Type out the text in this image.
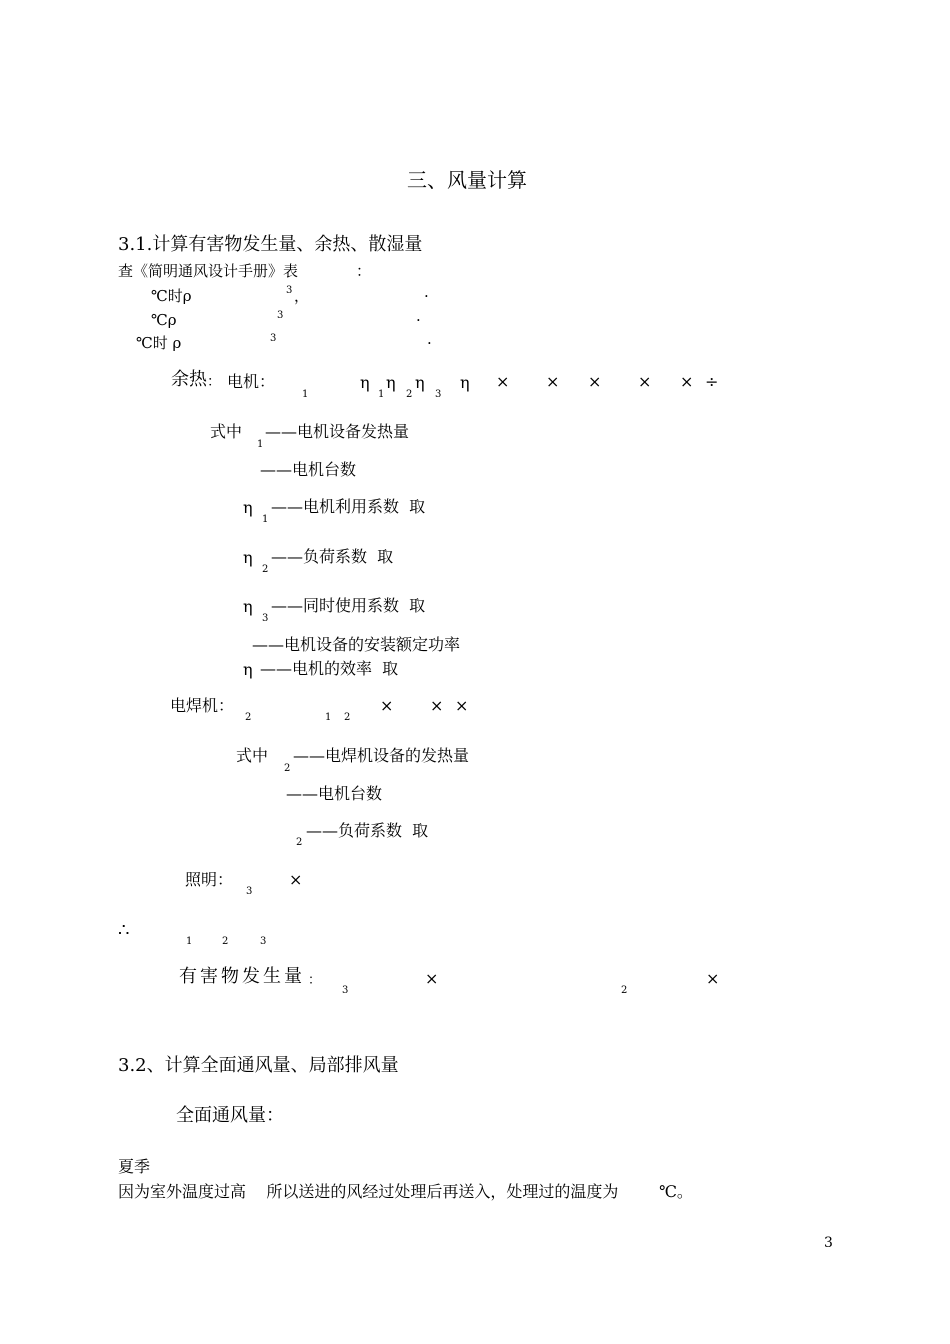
三、风量计算
3.1.计算有害物发生量、余热、散湿量
查《简明通风设计手册》表	：
℃时ρ	3 ，	·
℃ρ	3	·
℃时 ρ	3	·
余热 ： 电机：
1
η
1
η
2
η
3
η × × × × × ÷
式中
1
——电机设备发热量
——电机台数
η
1
——电机利用系数  取
η
2
——负荷系数  取
η
3
——同时使用系数  取
——电机设备的安装额定功率
η ——电机的效率  取
电焊机：
2	1 2
× × ×
式中
2
——电焊机设备的发热量
——电机台数
2
——负荷系数  取
照明：
3
×
∴
1	2	3
有害物发生量 ：
3
×
2
×
3.2、计算全面通风量、局部排风量
全面通风量：
夏季
因为室外温度过高    所以送进的风经过处理后再送入，处理过的温度为	℃。
3
